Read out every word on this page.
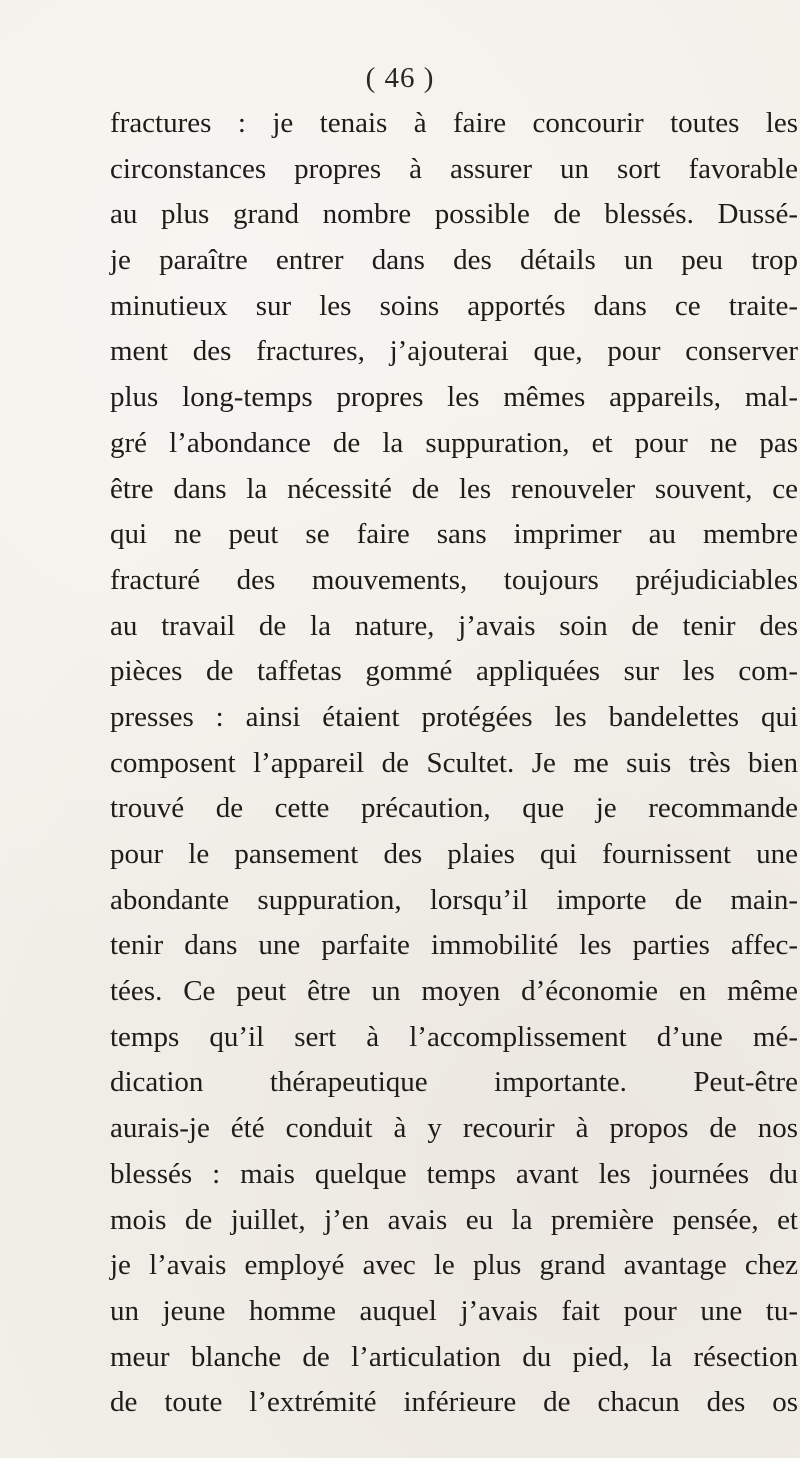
( 46 )
fractures : je tenais à faire concourir toutes les
circonstances propres à assurer un sort favorable
au plus grand nombre possible de blessés. Dussé-
je paraître entrer dans des détails un peu trop
minutieux sur les soins apportés dans ce traite-
ment des fractures, j’ajouterai que, pour conserver
plus long-temps propres les mêmes appareils, mal-
gré l’abondance de la suppuration, et pour ne pas
être dans la nécessité de les renouveler souvent, ce
qui ne peut se faire sans imprimer au membre
fracturé des mouvements, toujours préjudiciables
au travail de la nature, j’avais soin de tenir des
pièces de taffetas gommé appliquées sur les com-
presses : ainsi étaient protégées les bandelettes qui
composent l’appareil de Scultet. Je me suis très bien
trouvé de cette précaution, que je recommande
pour le pansement des plaies qui fournissent une
abondante suppuration, lorsqu’il importe de main-
tenir dans une parfaite immobilité les parties affec-
tées. Ce peut être un moyen d’économie en même
temps qu’il sert à l’accomplissement d’une mé-
dication thérapeutique importante. Peut-être
aurais-je été conduit à y recourir à propos de nos
blessés : mais quelque temps avant les journées du
mois de juillet, j’en avais eu la première pensée, et
je l’avais employé avec le plus grand avantage chez
un jeune homme auquel j’avais fait pour une tu-
meur blanche de l’articulation du pied, la résection
de toute l’extrémité inférieure de chacun des os
